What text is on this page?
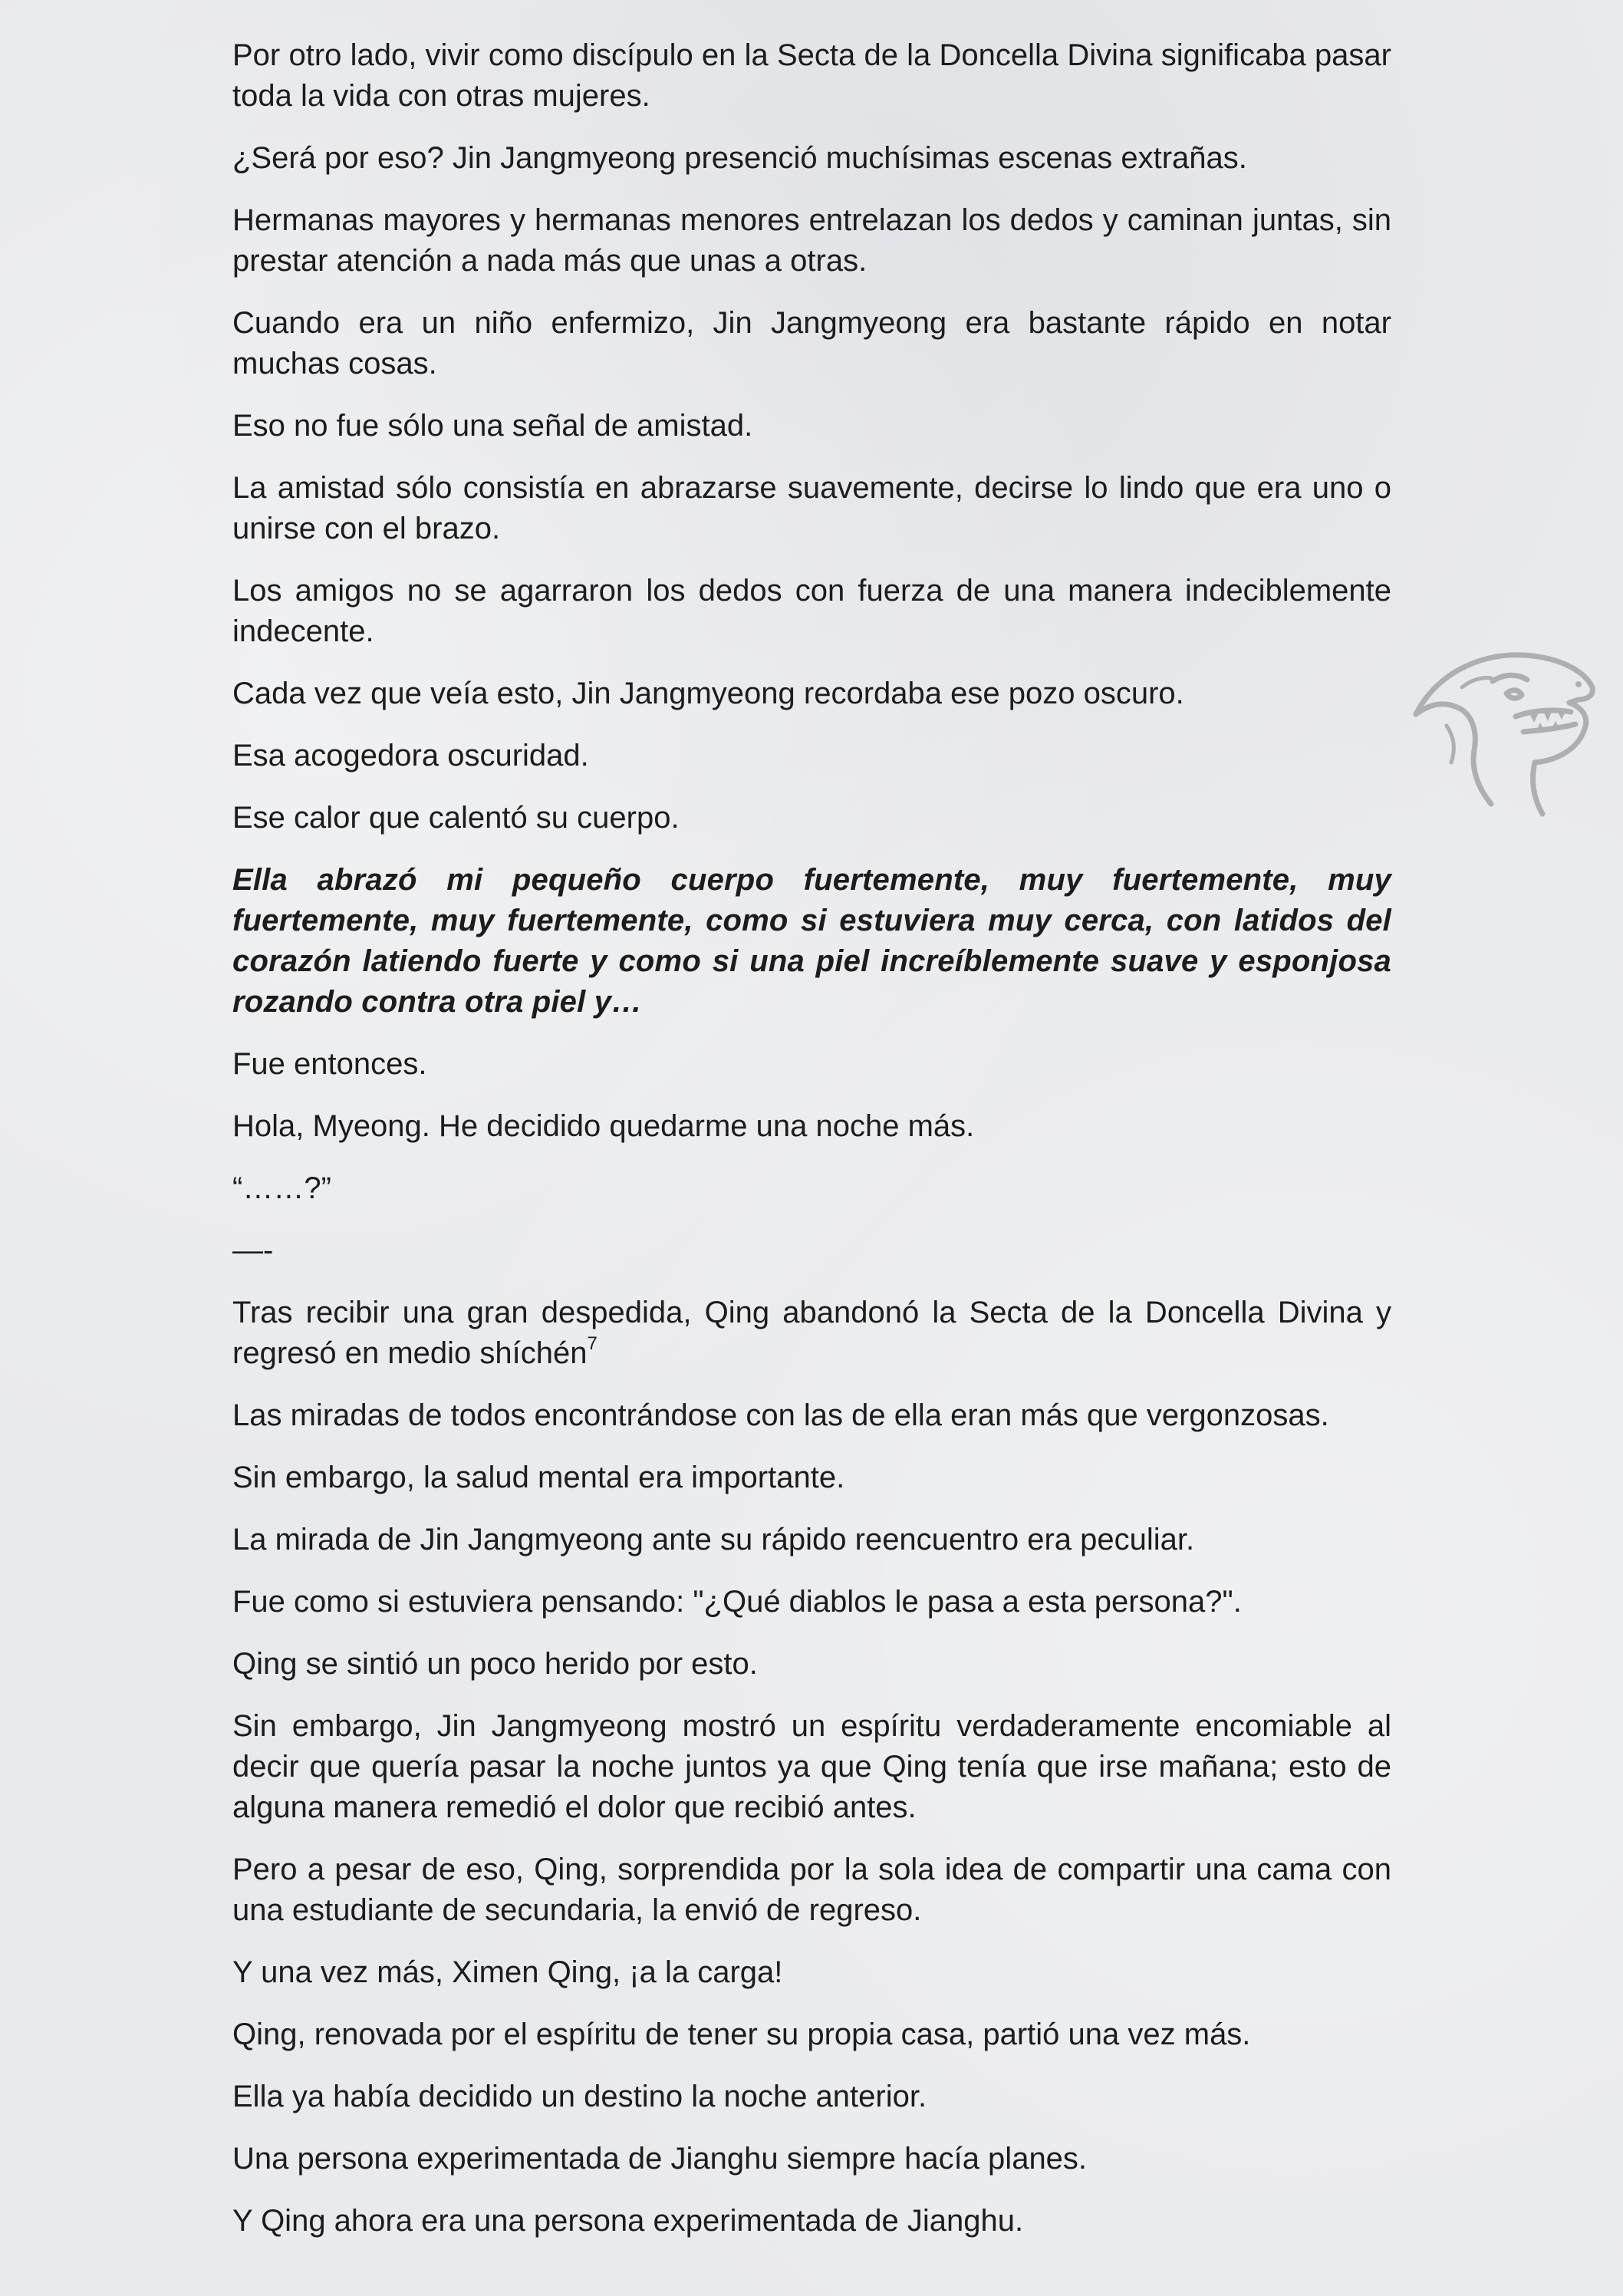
Por otro lado, vivir como discípulo en la Secta de la Doncella Divina significaba pasar toda la vida con otras mujeres.

¿Será por eso? Jin Jangmyeong presenció muchísimas escenas extrañas.

Hermanas mayores y hermanas menores entrelazan los dedos y caminan juntas, sin prestar atención a nada más que unas a otras.

Cuando era un niño enfermizo, Jin Jangmyeong era bastante rápido en notar muchas cosas.

Eso no fue sólo una señal de amistad.

La amistad sólo consistía en abrazarse suavemente, decirse lo lindo que era uno o unirse con el brazo.

Los amigos no se agarraron los dedos con fuerza de una manera indeciblemente indecente.

Cada vez que veía esto, Jin Jangmyeong recordaba ese pozo oscuro.

Esa acogedora oscuridad.

Ese calor que calentó su cuerpo.

Ella abrazó mi pequeño cuerpo fuertemente, muy fuertemente, muy fuertemente, muy fuertemente, como si estuviera muy cerca, con latidos del corazón latiendo fuerte y como si una piel increíblemente suave y esponjosa rozando contra otra piel y…

Fue entonces.

Hola, Myeong. He decidido quedarme una noche más.

“……?”

—-

Tras recibir una gran despedida, Qing abandonó la Secta de la Doncella Divina y regresó en medio shíchén$^7$

Las miradas de todos encontrándose con las de ella eran más que vergonzosas.

Sin embargo, la salud mental era importante.

La mirada de Jin Jangmyeong ante su rápido reencuentro era peculiar.

Fue como si estuviera pensando: "¿Qué diablos le pasa a esta persona?".

Qing se sintió un poco herido por esto.

Sin embargo, Jin Jangmyeong mostró un espíritu verdaderamente encomiable al decir que quería pasar la noche juntos ya que Qing tenía que irse mañana; esto de alguna manera remedió el dolor que recibió antes.

Pero a pesar de eso, Qing, sorprendida por la sola idea de compartir una cama con una estudiante de secundaria, la envió de regreso.

Y una vez más, Ximen Qing, ¡a la carga!

Qing, renovada por el espíritu de tener su propia casa, partió una vez más.

Ella ya había decidido un destino la noche anterior.

Una persona experimentada de Jianghu siempre hacía planes.

Y Qing ahora era una persona experimentada de Jianghu.
